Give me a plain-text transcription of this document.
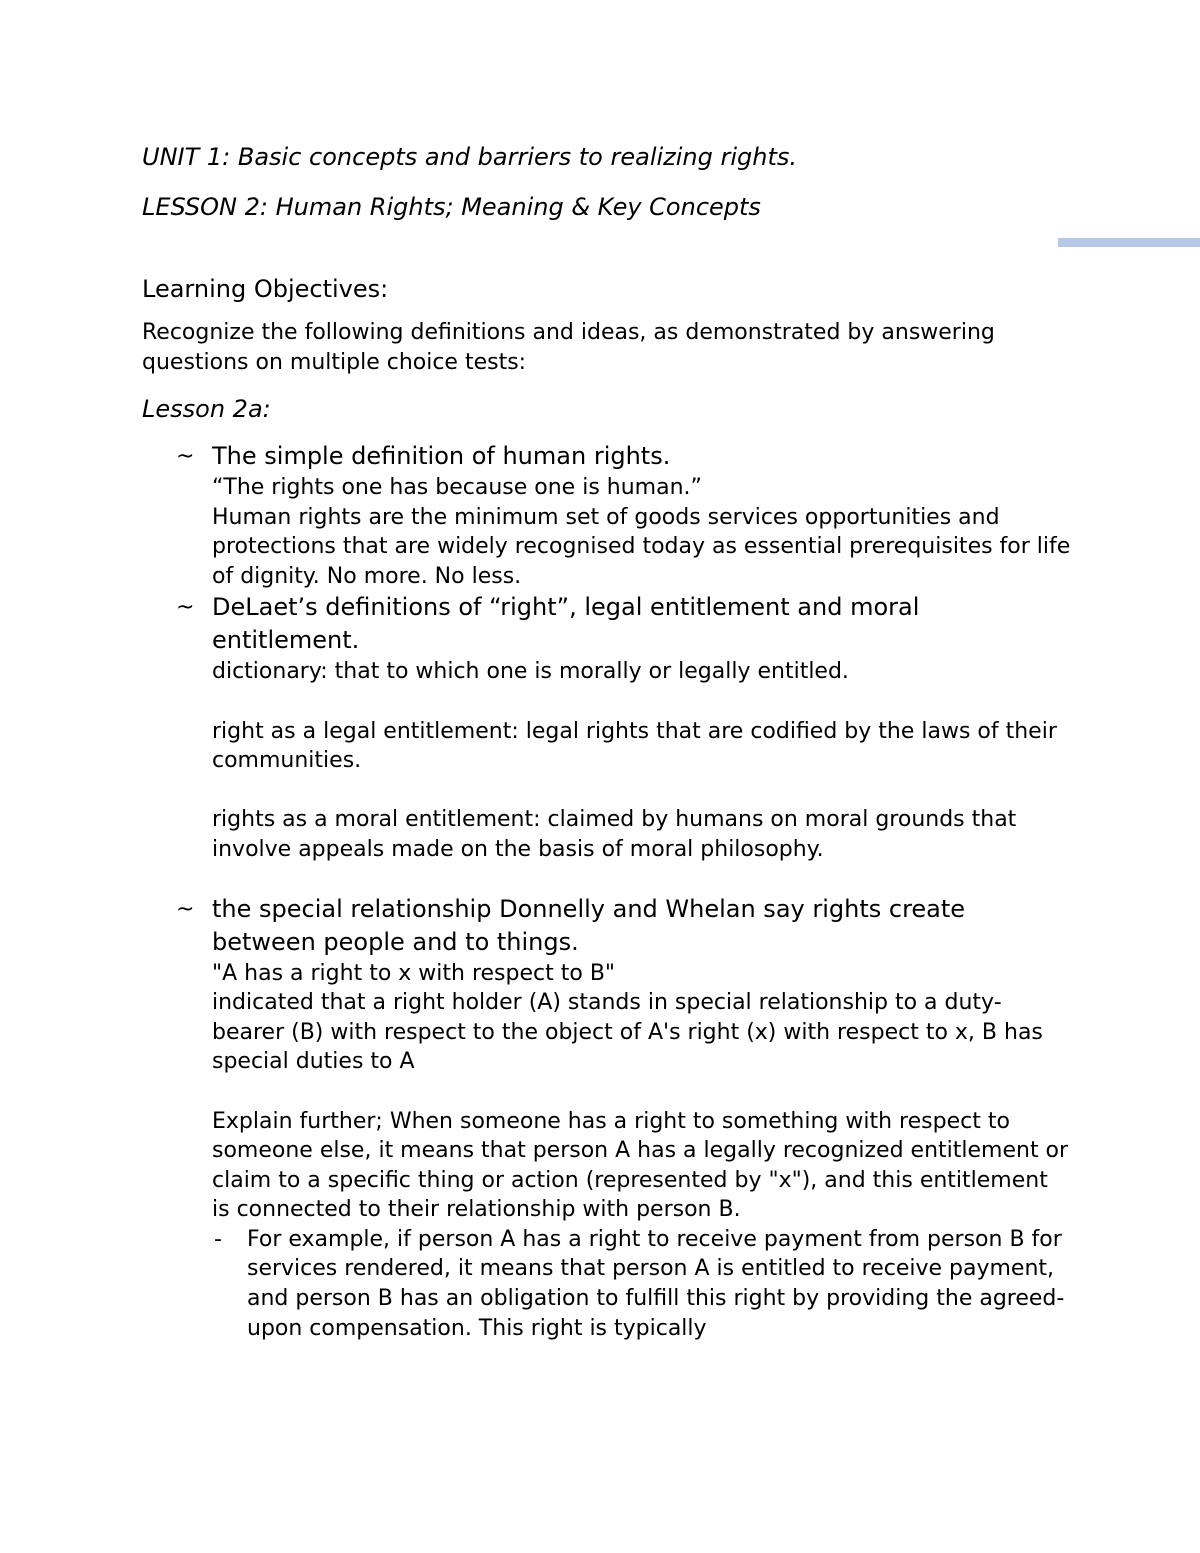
UNIT 1: Basic concepts and barriers to realizing rights.

LESSON 2: Human Rights; Meaning & Key Concepts

Learning Objectives:

Recognize the following definitions and ideas, as demonstrated by answering questions on multiple choice tests:

Lesson 2a:

~ The simple definition of human rights.

“The rights one has because one is human.”

Human rights are the minimum set of goods services opportunities and protections that are widely recognised today as essential prerequisites for life of dignity. No more. No less.

~ DeLaet’s definitions of “right”, legal entitlement and moral entitlement.

dictionary: that to which one is morally or legally entitled.

right as a legal entitlement: legal rights that are codified by the laws of their communities.

rights as a moral entitlement: claimed by humans on moral grounds that involve appeals made on the basis of moral philosophy.

~ the special relationship Donnelly and Whelan say rights create between people and to things.

"A has a right to x with respect to B"

indicated that a right holder (A) stands in special relationship to a duty-bearer (B) with respect to the object of A's right (x) with respect to x, B has special duties to A

Explain further; When someone has a right to something with respect to someone else, it means that person A has a legally recognized entitlement or claim to a specific thing or action (represented by "x"), and this entitlement is connected to their relationship with person B.

- For example, if person A has a right to receive payment from person B for services rendered, it means that person A is entitled to receive payment, and person B has an obligation to fulfill this right by providing the agreed-upon compensation. This right is typically
